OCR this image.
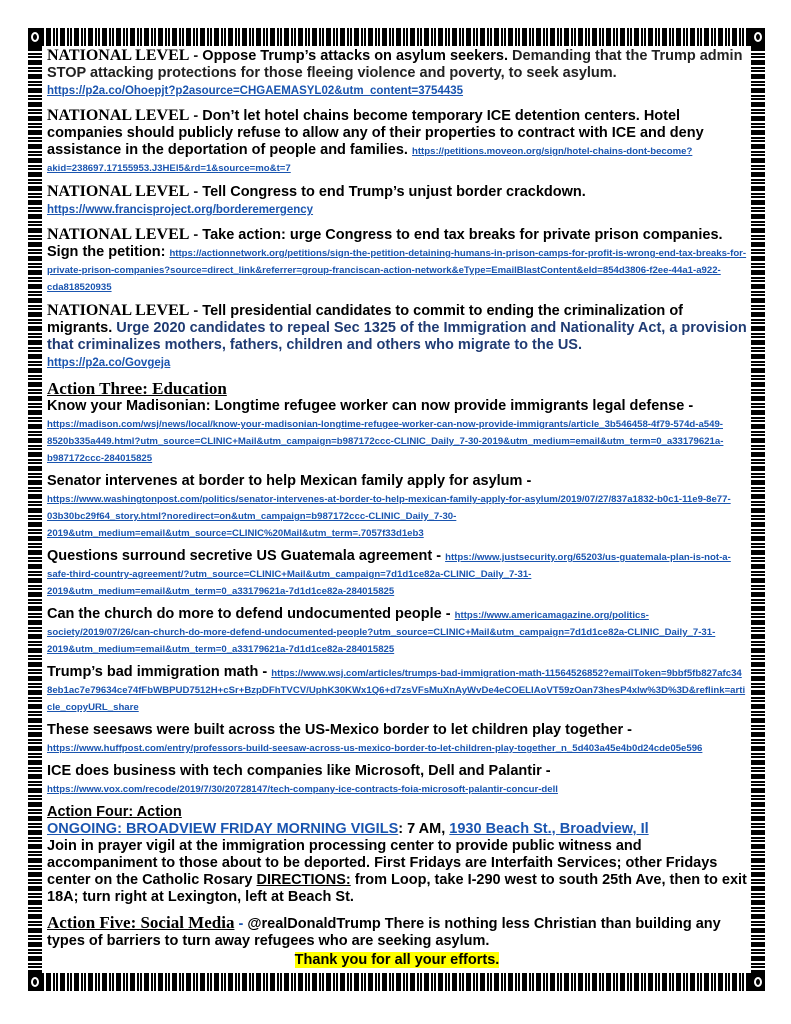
NATIONAL LEVEL - Oppose Trump’s attacks on asylum seekers. Demanding that the Trump admin STOP attacking protections for those fleeing violence and poverty, to seek asylum.
https://p2a.co/Ohoepjt?p2asource=CHGAEMASYL02&utm_content=3754435
NATIONAL LEVEL - Don’t let hotel chains become temporary ICE detention centers. Hotel companies should publicly refuse to allow any of their properties to contract with ICE and deny assistance in the deportation of people and families. https://petitions.moveon.org/sign/hotel-chains-dont-become?akid=238697.17155953.J3HEl5&rd=1&source=mo&t=7
NATIONAL LEVEL - Tell Congress to end Trump’s unjust border crackdown.
https://www.francisproject.org/borderemergency
NATIONAL LEVEL - Take action: urge Congress to end tax breaks for private prison companies. Sign the petition: https://actionnetwork.org/petitions/sign-the-petition-detaining-humans-in-prison-camps-for-profit-is-wrong-end-tax-breaks-for-private-prison-companies?source=direct_link&referrer=group-franciscan-action-network&eType=EmailBlastContent&eId=854d3806-f2ee-44a1-a922-cda818520935
NATIONAL LEVEL - Tell presidential candidates to commit to ending the criminalization of migrants. Urge 2020 candidates to repeal Sec 1325 of the Immigration and Nationality Act, a provision that criminalizes mothers, fathers, children and others who migrate to the US.
https://p2a.co/Govgeja
Action Three: Education
Know your Madisonian: Longtime refugee worker can now provide immigrants legal defense - https://madison.com/wsj/news/local/know-your-madisonian-longtime-refugee-worker-can-now-provide-immigrants/article_3b546458-4f79-574d-a549-8520b335a449.html?utm_source=CLINIC+Mail&utm_campaign=b987172ccc-CLINIC_Daily_7-30-2019&utm_medium=email&utm_term=0_a33179621a-b987172ccc-284015825
Senator intervenes at border to help Mexican family apply for asylum - https://www.washingtonpost.com/politics/senator-intervenes-at-border-to-help-mexican-family-apply-for-asylum/2019/07/27/837a1832-b0c1-11e9-8e77-03b30bc29f64_story.html?noredirect=on&utm_campaign=b987172ccc-CLINIC_Daily_7-30-2019&utm_medium=email&utm_source=CLINIC%20Mail&utm_term=.7057f33d1eb3
Questions surround secretive US Guatemala agreement - https://www.justsecurity.org/65203/us-guatemala-plan-is-not-a-safe-third-country-agreement/?utm_source=CLINIC+Mail&utm_campaign=7d1d1ce82a-CLINIC_Daily_7-31-2019&utm_medium=email&utm_term=0_a33179621a-7d1d1ce82a-284015825
Can the church do more to defend undocumented people - https://www.americamagazine.org/politics-society/2019/07/26/can-church-do-more-defend-undocumented-people?utm_source=CLINIC+Mail&utm_campaign=7d1d1ce82a-CLINIC_Daily_7-31-2019&utm_medium=email&utm_term=0_a33179621a-7d1d1ce82a-284015825
Trump’s bad immigration math - https://www.wsj.com/articles/trumps-bad-immigration-math-11564526852?emailToken=9bbf5fb827afc348eb1ac7e79634ce74fFbWBPUD7512H+cSr+BzpDFhTVCV/UphK30KWx1Q6+d7zsVFsMuXnAyWvDe4eCOELIAoVT59zOan73hesP4xlw%3D%3D&reflink=article_copyURL_share
These seesaws were built across the US-Mexico border to let children play together - https://www.huffpost.com/entry/professors-build-seesaw-across-us-mexico-border-to-let-children-play-together_n_5d403a45e4b0d24cde05e596
ICE does business with tech companies like Microsoft, Dell and Palantir -
https://www.vox.com/recode/2019/7/30/20728147/tech-company-ice-contracts-foia-microsoft-palantir-concur-dell
Action Four: Action
ONGOING: BROADVIEW FRIDAY MORNING VIGILS: 7 AM, 1930 Beach St., Broadview, Il
Join in prayer vigil at the immigration processing center to provide public witness and accompaniment to those about to be deported. First Fridays are Interfaith Services; other Fridays center on the Catholic Rosary DIRECTIONS: from Loop, take I-290 west to south 25th Ave, then to exit 18A; turn right at Lexington, left at Beach St.
Action Five: Social Media - @realDonaldTrump There is nothing less Christian than building any types of barriers to turn away refugees who are seeking asylum.
Thank you for all your efforts.
